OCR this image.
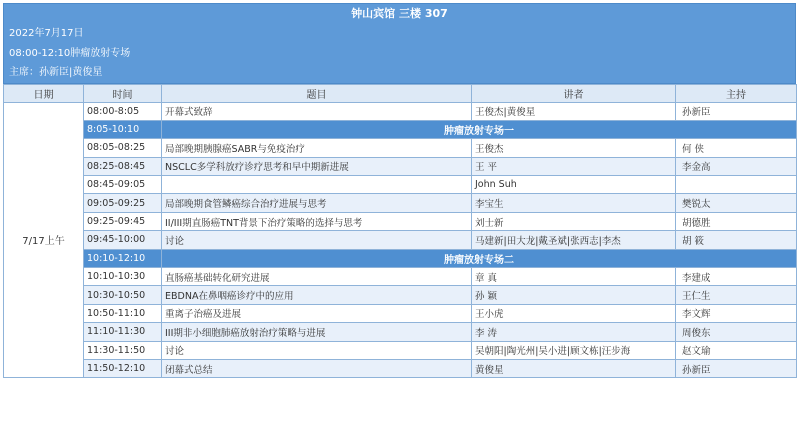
钟山宾馆 三楼 307
2022年7月17日
08:00-12:10肿瘤放射专场
主席：孙新臣|黄俊星
日期	时间	题目	讲者	主持	
7/17上午	08:00-8:05	开幕式致辞	王俊杰|黄俊星	孙新臣	
	8:05-10:10	肿瘤放射专场一			
	08:05-08:25	局部晚期胰腺癌SABR与免疫治疗	王俊杰	何 侠	
	08:25-08:45	NSCLC多学科放疗诊疗思考和早中期新进展	王 平	李金高	
	08:45-09:05		John Suh		
	09:05-09:25	局部晚期食管鳞癌综合治疗进展与思考	李宝生	樊锐太	
	09:25-09:45	II/III期直肠癌TNT背景下治疗策略的选择与思考	刘士新	胡德胜	
	09:45-10:00	讨论	马建新|田大龙|戴圣斌|张西志|李杰	胡 筱	
	10:10-12:10	肿瘤放射专场二			
	10:10-10:30	直肠癌基础转化研究进展	章 真	李建成	
	10:30-10:50	EBDNA在鼻咽癌诊疗中的应用	孙 颖	王仁生	
	10:50-11:10	重离子治癌及进展	王小虎	李文辉	
	11:10-11:30	III期非小细胞肺癌放射治疗策略与进展	李 涛	周俊东	
	11:30-11:50	讨论	吴朝阳|陶光州|吴小进|顾文栋|汪步海	赵文瑜	
	11:50-12:10	闭幕式总结	黄俊星	孙新臣	
